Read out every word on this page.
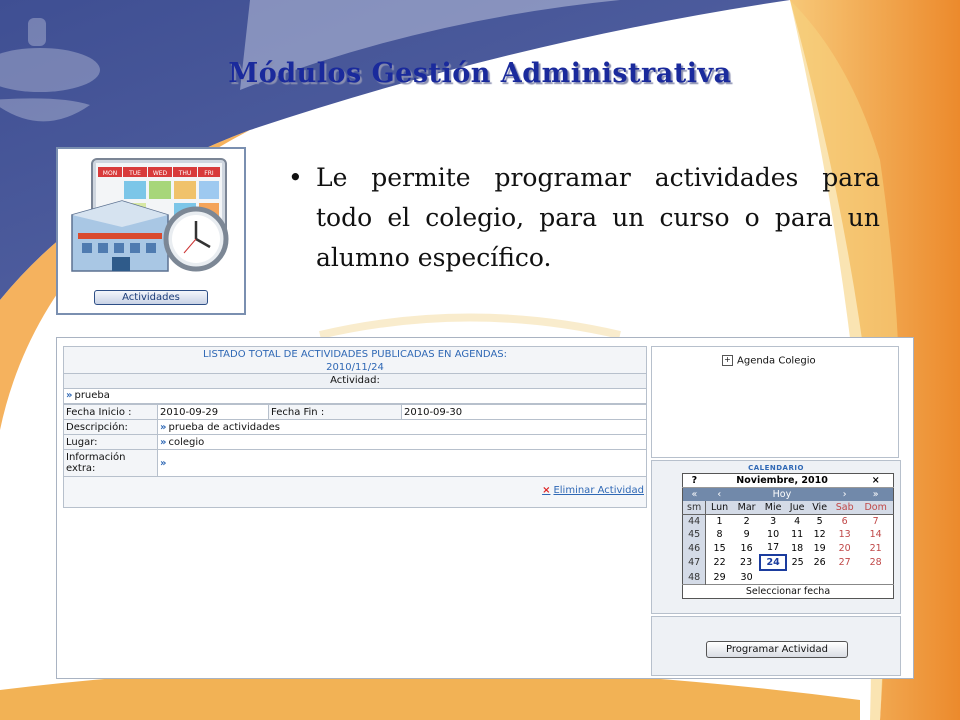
Módulos Gestión Administrativa
MON TUE WED THU FRI
Actividades
• Le permite programar actividades para todo el colegio, para un curso o para un alumno específico.
LISTADO TOTAL DE ACTIVIDADES PUBLICADAS EN AGENDAS:
2010/11/24
Actividad:
» prueba
Fecha Inicio :	2010-09-29	Fecha Fin :	2010-09-30
Descripción:	» prueba de actividades		
Lugar:	» colegio		
Información
extra:	»		
× Eliminar Actividad
+ Agenda Colegio
CALENDARIO
?	Noviembre, 2010						×
«	‹	Hoy				›	»
sm	Lun	Mar	Mie	Jue	Vie	Sab	Dom
44	1	2	3	4	5	6	7
45	8	9	10	11	12	13	14
46	15	16	17	18	19	20	21
47	22	23	24	25	26	27	28
48	29	30					
Seleccionar fecha							
Programar Actividad
